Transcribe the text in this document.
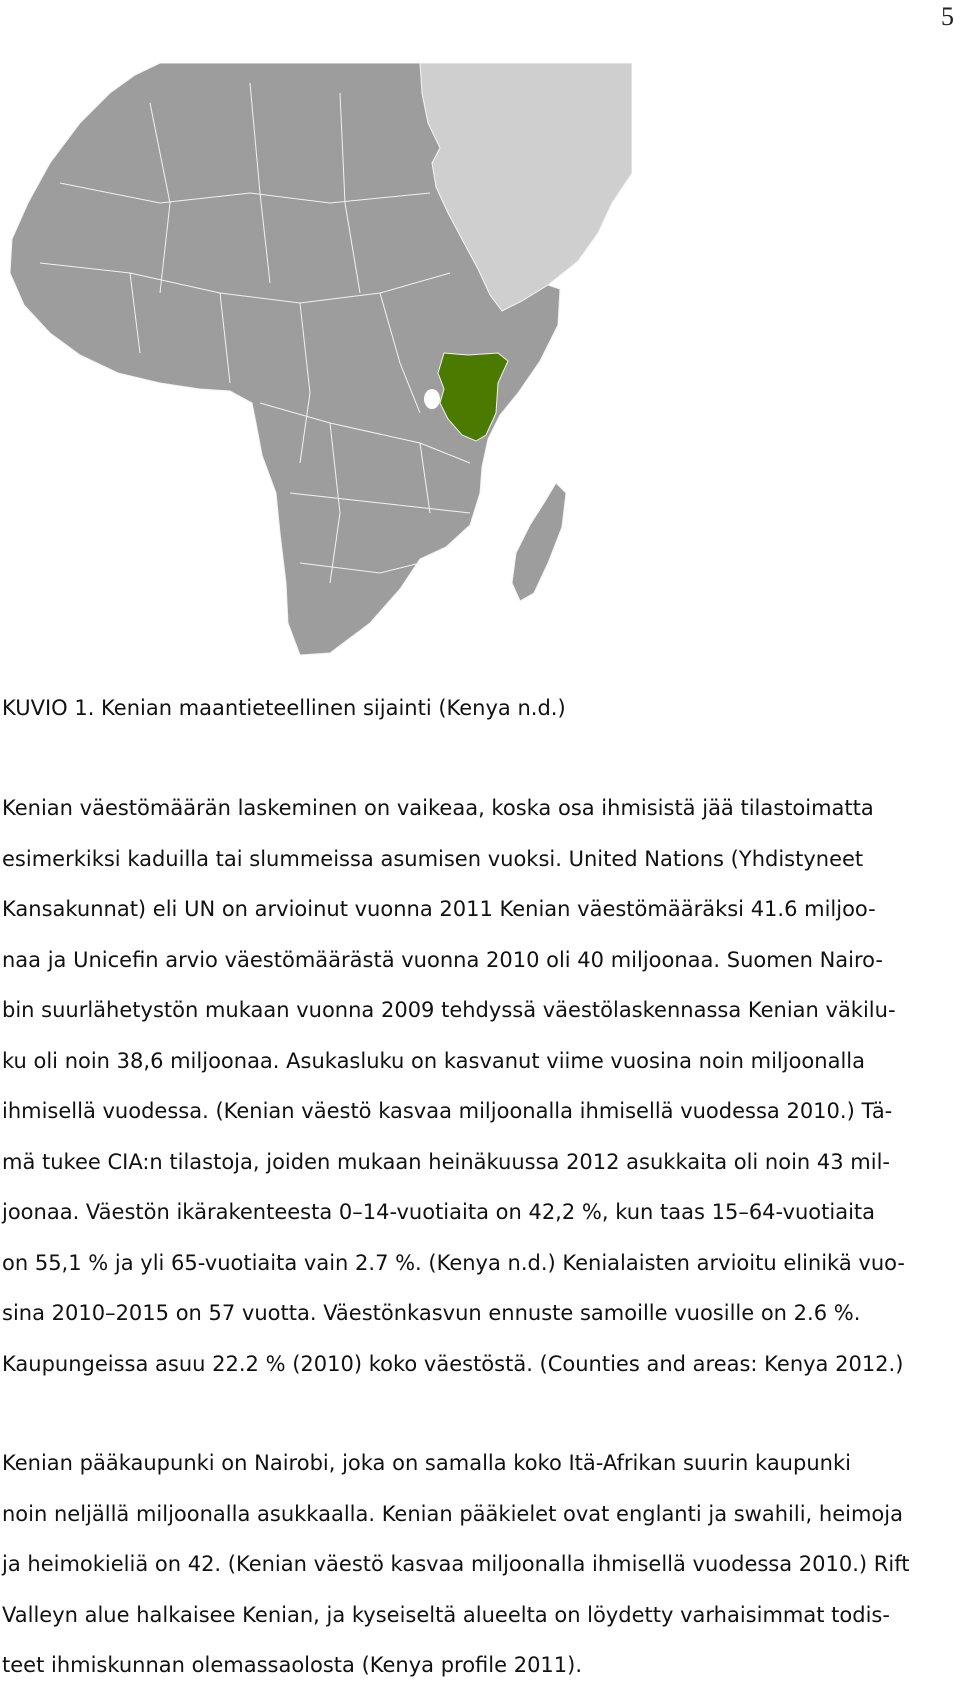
5
KUVIO 1. Kenian maantieteellinen sijainti (Kenya n.d.)
Kenian väestömäärän laskeminen on vaikeaa, koska osa ihmisistä jää tilastoimatta
esimerkiksi kaduilla tai slummeissa asumisen vuoksi. United Nations (Yhdistyneet
Kansakunnat) eli UN on arvioinut vuonna 2011 Kenian väestömääräksi 41.6 miljoo-
naa ja Unicefin arvio väestömäärästä vuonna 2010 oli 40 miljoonaa. Suomen Nairo-
bin suurlähetystön mukaan vuonna 2009 tehdyssä väestölaskennassa Kenian väkilu-
ku oli noin 38,6 miljoonaa. Asukasluku on kasvanut viime vuosina noin miljoonalla
ihmisellä vuodessa. (Kenian väestö kasvaa miljoonalla ihmisellä vuodessa 2010.) Tä-
mä tukee CIA:n tilastoja, joiden mukaan heinäkuussa 2012 asukkaita oli noin 43 mil-
joonaa. Väestön ikärakenteesta 0–14-vuotiaita on 42,2 %, kun taas 15–64-vuotiaita
on 55,1 % ja yli 65-vuotiaita vain 2.7 %. (Kenya n.d.) Kenialaisten arvioitu elinikä vuo-
sina 2010–2015 on 57 vuotta. Väestönkasvun ennuste samoille vuosille on 2.6 %.
Kaupungeissa asuu 22.2 % (2010) koko väestöstä. (Counties and areas: Kenya 2012.)
Kenian pääkaupunki on Nairobi, joka on samalla koko Itä-Afrikan suurin kaupunki
noin neljällä miljoonalla asukkaalla. Kenian pääkielet ovat englanti ja swahili, heimoja
ja heimokieliä on 42. (Kenian väestö kasvaa miljoonalla ihmisellä vuodessa 2010.) Rift
Valleyn alue halkaisee Kenian, ja kyseiseltä alueelta on löydetty varhaisimmat todis-
teet ihmiskunnan olemassaolosta (Kenya profile 2011).
